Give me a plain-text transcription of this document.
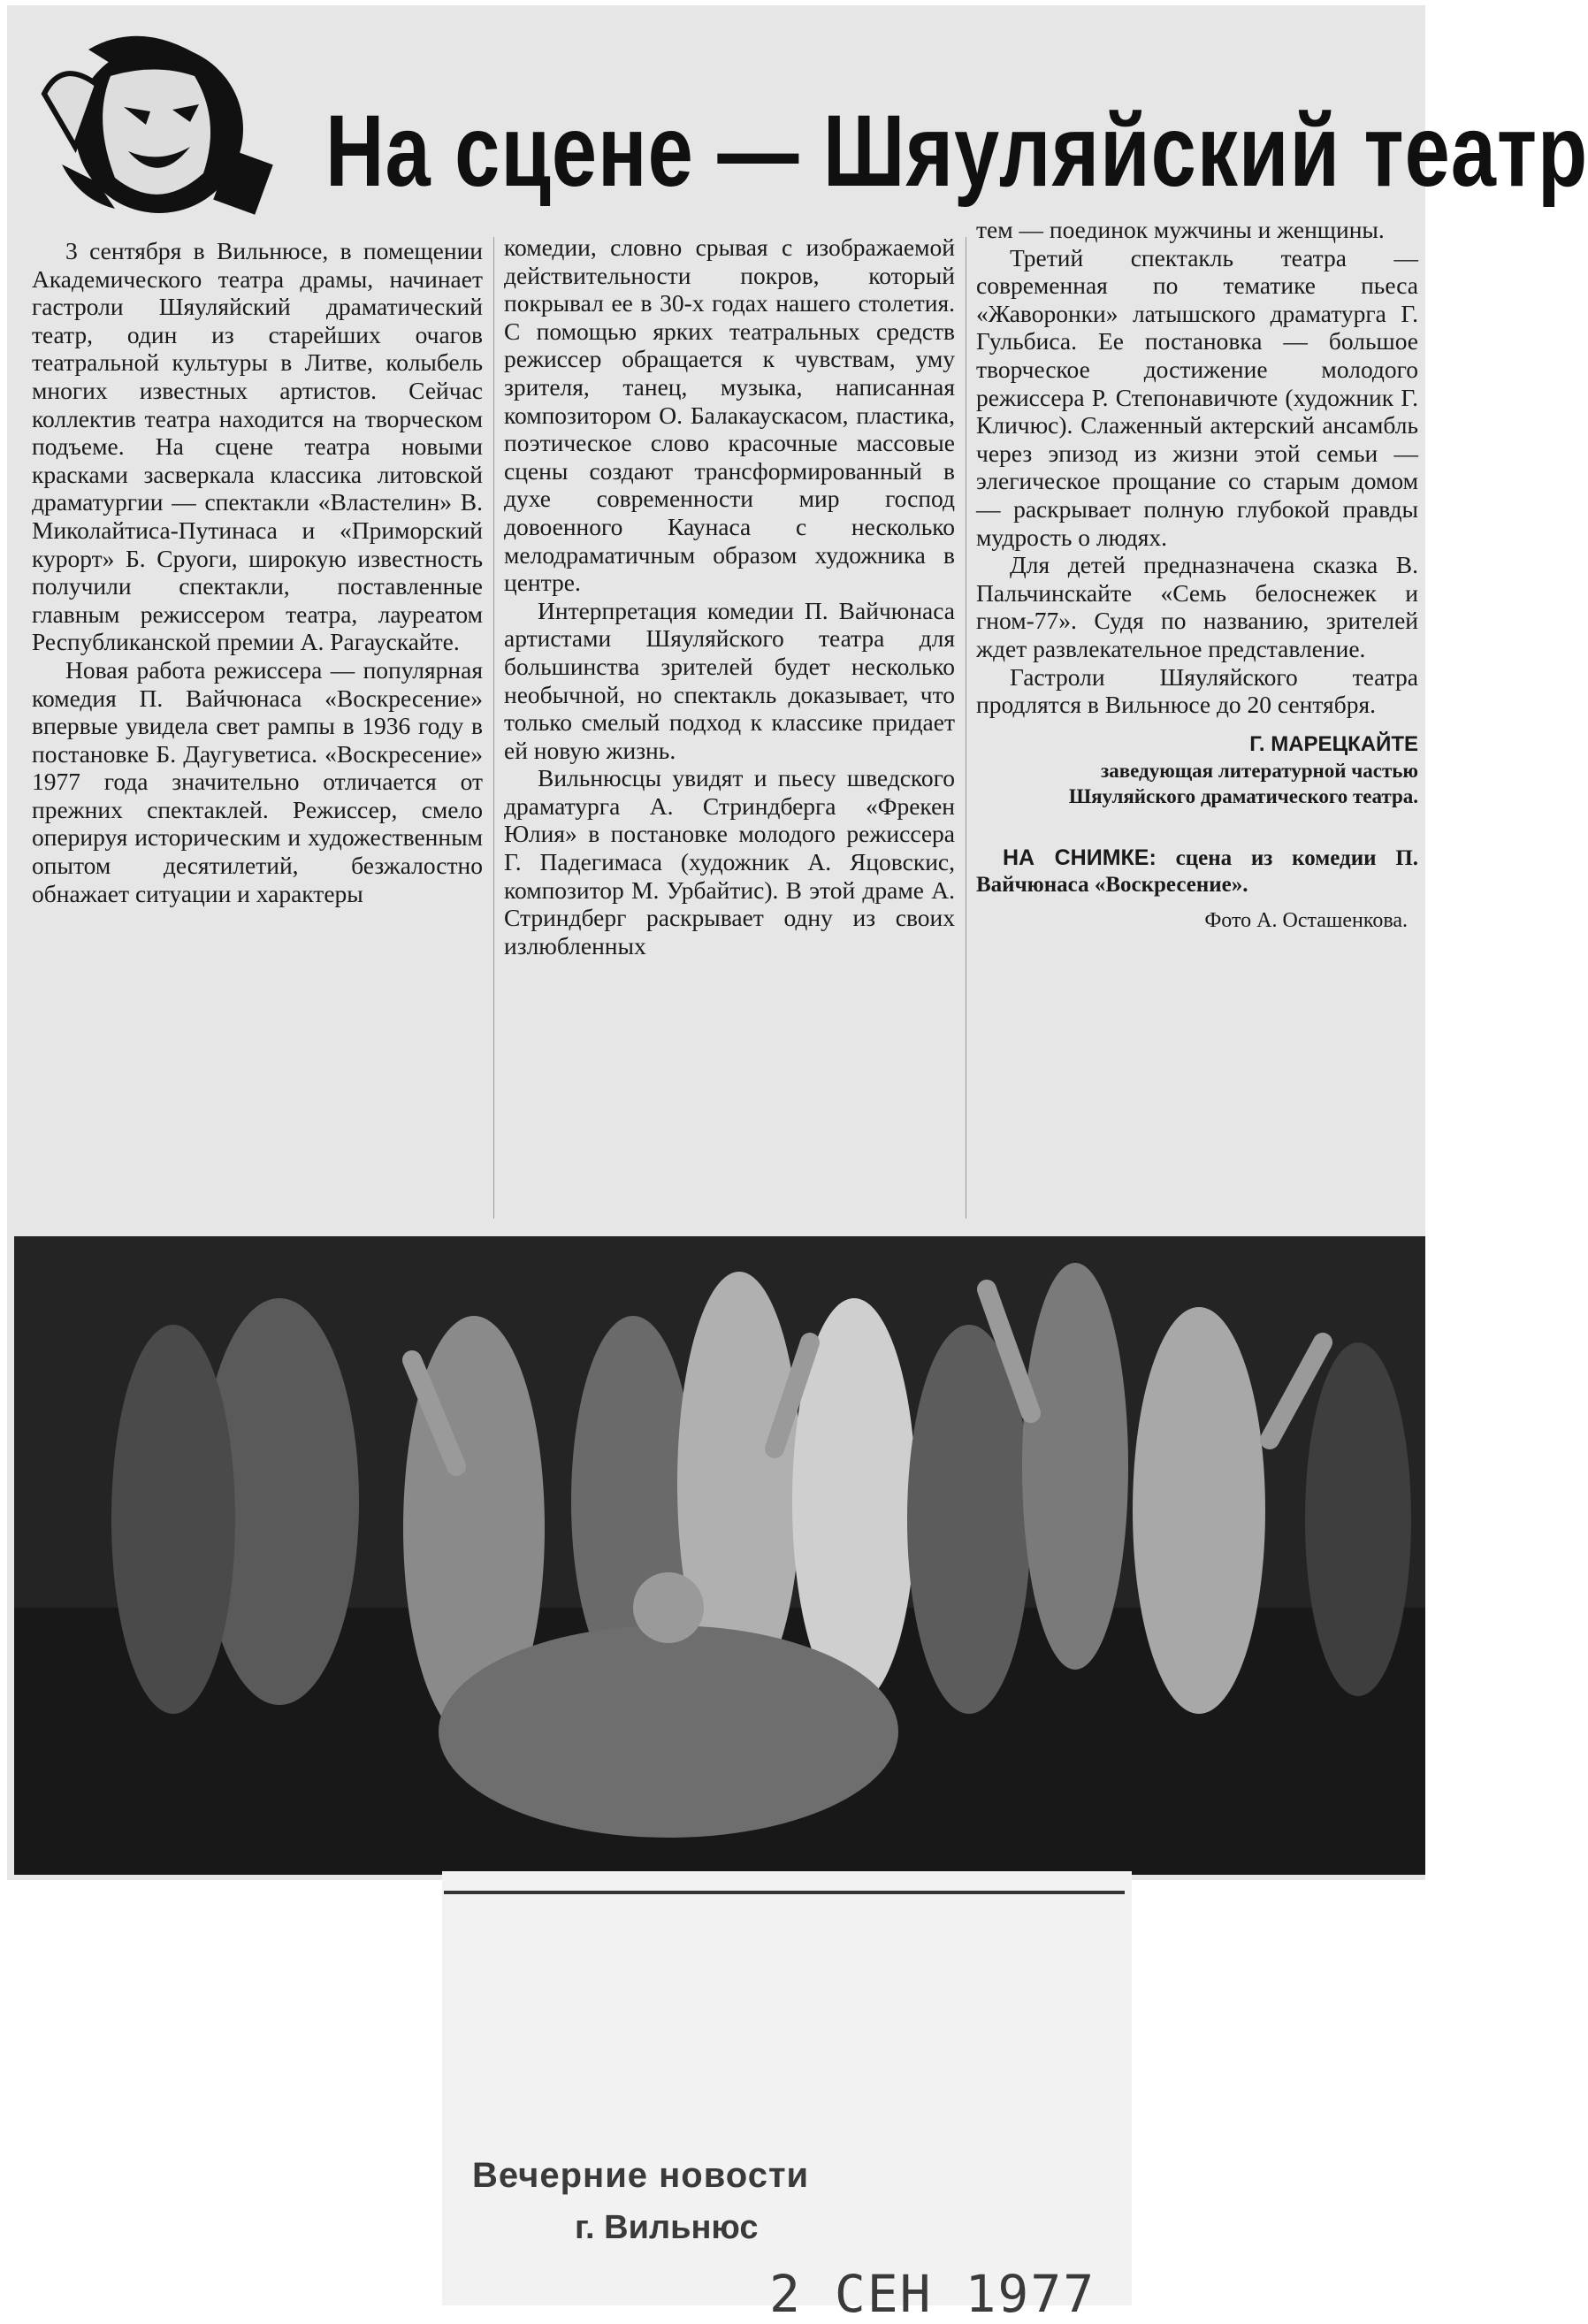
На сцене — Шяуляйский театр

3 сентября в Вильнюсе, в помещении Академического театра драмы, начинает гастроли Шяуляйский драматический театр, один из старейших очагов театральной культуры в Литве, колыбель многих известных артистов. Сейчас коллектив театра находится на творческом подъеме. На сцене театра новыми красками засверкала классика литовской драматургии — спектакли «Властелин» В. Миколайтиса-Путинаса и «Приморский курорт» Б. Сруоги, широкую известность получили спектакли, поставленные главным режиссером театра, лауреатом Республиканской премии А. Рагаускайте.

Новая работа режиссера — популярная комедия П. Вайчюнаса «Воскресение» впервые увидела свет рампы в 1936 году в постановке Б. Даугуветиса. «Воскресение» 1977 года значительно отличается от прежних спектаклей. Режиссер, смело оперируя историческим и художественным опытом десятилетий, безжалостно обнажает ситуации и характеры

комедии, словно срывая с изображаемой действительности покров, который покрывал ее в 30-х годах нашего столетия. С помощью ярких театральных средств режиссер обращается к чувствам, уму зрителя, танец, музыка, написанная композитором О. Балакаускасом, пластика, поэтическое слово красочные массовые сцены создают трансформированный в духе современности мир господ довоенного Каунаса с несколько мелодраматичным образом художника в центре.

Интерпретация комедии П. Вайчюнаса артистами Шяуляйского театра для большинства зрителей будет несколько необычной, но спектакль доказывает, что только смелый подход к классике придает ей новую жизнь.

Вильнюсцы увидят и пьесу шведского драматурга А. Стриндберга «Фрекен Юлия» в постановке молодого режиссера Г. Падегимаса (художник А. Яцовскис, композитор М. Урбайтис). В этой драме А. Стриндберг раскрывает одну из своих излюбленных

тем — поединок мужчины и женщины.

Третий спектакль театра — современная по тематике пьеса «Жаворонки» латышского драматурга Г. Гульбиса. Ее постановка — большое творческое достижение молодого режиссера Р. Степонавичюте (художник Г. Кличюс). Слаженный актерский ансамбль через эпизод из жизни этой семьи — элегическое прощание со старым домом — раскрывает полную глубокой правды мудрость о людях.

Для детей предназначена сказка В. Пальчинскайте «Семь белоснежек и гном-77». Судя по названию, зрителей ждет развлекательное представление.

Гастроли Шяуляйского театра продлятся в Вильнюсе до 20 сентября.

Г. МАРЕЦКАЙТЕ
заведующая литературной частью Шяуляйского драматического театра.
НА СНИМКЕ: сцена из комедии П. Вайчюнаса «Воскресение».
Фото А. Осташенкова.
Вечерние новости
г. Вильнюс
2 СЕН 1977
